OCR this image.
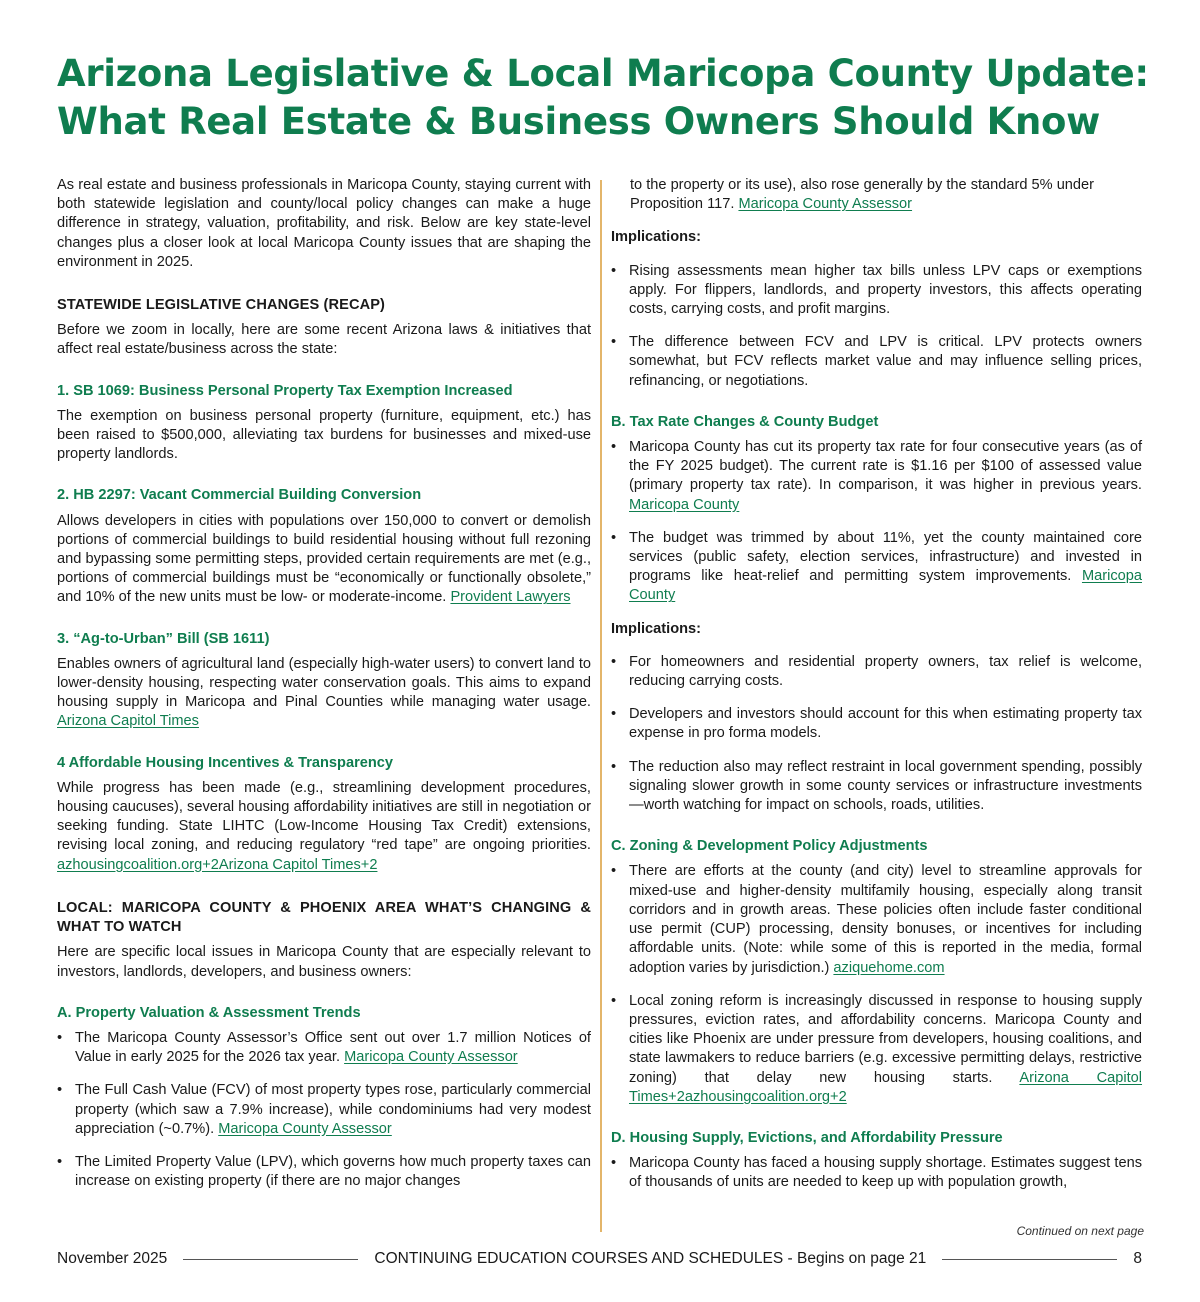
Arizona Legislative & Local Maricopa County Update:
What Real Estate & Business Owners Should Know

As real estate and business professionals in Maricopa County, staying current with both statewide legislation and county/local policy changes can make a huge difference in strategy, valuation, profitability, and risk. Below are key state-level changes plus a closer look at local Maricopa County issues that are shaping the environment in 2025.

STATEWIDE LEGISLATIVE CHANGES (RECAP)

Before we zoom in locally, here are some recent Arizona laws & initiatives that affect real estate/business across the state:

1. SB 1069: Business Personal Property Tax Exemption Increased

The exemption on business personal property (furniture, equipment, etc.) has been raised to $500,000, alleviating tax burdens for businesses and mixed-use property landlords.

2. HB 2297: Vacant Commercial Building Conversion

Allows developers in cities with populations over 150,000 to convert or demolish portions of commercial buildings to build residential housing without full rezoning and bypassing some permitting steps, provided certain requirements are met (e.g., portions of commercial buildings must be “economically or functionally obsolete,” and 10% of the new units must be low- or moderate-income. Provident Lawyers

3. “Ag-to-Urban” Bill (SB 1611)

Enables owners of agricultural land (especially high-water users) to convert land to lower-density housing, respecting water conservation goals. This aims to expand housing supply in Maricopa and Pinal Counties while managing water usage. Arizona Capitol Times

4 Affordable Housing Incentives & Transparency

While progress has been made (e.g., streamlining development procedures, housing caucuses), several housing affordability initiatives are still in negotiation or seeking funding. State LIHTC (Low-Income Housing Tax Credit) extensions, revising local zoning, and reducing regulatory “red tape” are ongoing priorities. azhousingcoalition.org+2Arizona Capitol Times+2

LOCAL: MARICOPA COUNTY & PHOENIX AREA WHAT’S CHANGING & WHAT TO WATCH

Here are specific local issues in Maricopa County that are especially relevant to investors, landlords, developers, and business owners:

A. Property Valuation & Assessment Trends

• The Maricopa County Assessor’s Office sent out over 1.7 million Notices of Value in early 2025 for the 2026 tax year. Maricopa County Assessor
• The Full Cash Value (FCV) of most property types rose, particularly commercial property (which saw a 7.9% increase), while condominiums had very modest appreciation (~0.7%). Maricopa County Assessor
• The Limited Property Value (LPV), which governs how much property taxes can increase on existing property (if there are no major changes

to the property or its use), also rose generally by the standard 5% under Proposition 117. Maricopa County Assessor

Implications:

• Rising assessments mean higher tax bills unless LPV caps or exemptions apply. For flippers, landlords, and property investors, this affects operating costs, carrying costs, and profit margins.
• The difference between FCV and LPV is critical. LPV protects owners somewhat, but FCV reflects market value and may influence selling prices, refinancing, or negotiations.

B. Tax Rate Changes & County Budget

• Maricopa County has cut its property tax rate for four consecutive years (as of the FY 2025 budget). The current rate is $1.16 per $100 of assessed value (primary property tax rate). In comparison, it was higher in previous years. Maricopa County
• The budget was trimmed by about 11%, yet the county maintained core services (public safety, election services, infrastructure) and invested in programs like heat-relief and permitting system improvements. Maricopa County

Implications:

• For homeowners and residential property owners, tax relief is welcome, reducing carrying costs.
• Developers and investors should account for this when estimating property tax expense in pro forma models.
• The reduction also may reflect restraint in local government spending, possibly signaling slower growth in some county services or infrastructure investments—worth watching for impact on schools, roads, utilities.

C. Zoning & Development Policy Adjustments

• There are efforts at the county (and city) level to streamline approvals for mixed-use and higher-density multifamily housing, especially along transit corridors and in growth areas. These policies often include faster conditional use permit (CUP) processing, density bonuses, or incentives for including affordable units. (Note: while some of this is reported in the media, formal adoption varies by jurisdiction.) aziquehome.com
• Local zoning reform is increasingly discussed in response to housing supply pressures, eviction rates, and affordability concerns. Maricopa County and cities like Phoenix are under pressure from developers, housing coalitions, and state lawmakers to reduce barriers (e.g. excessive permitting delays, restrictive zoning) that delay new housing starts. Arizona Capitol Times+2azhousingcoalition.org+2

D. Housing Supply, Evictions, and Affordability Pressure

• Maricopa County has faced a housing supply shortage. Estimates suggest tens of thousands of units are needed to keep up with population growth,
Continued on next page
November 2025	CONTINUING EDUCATION COURSES AND SCHEDULES - Begins on page 21	8
